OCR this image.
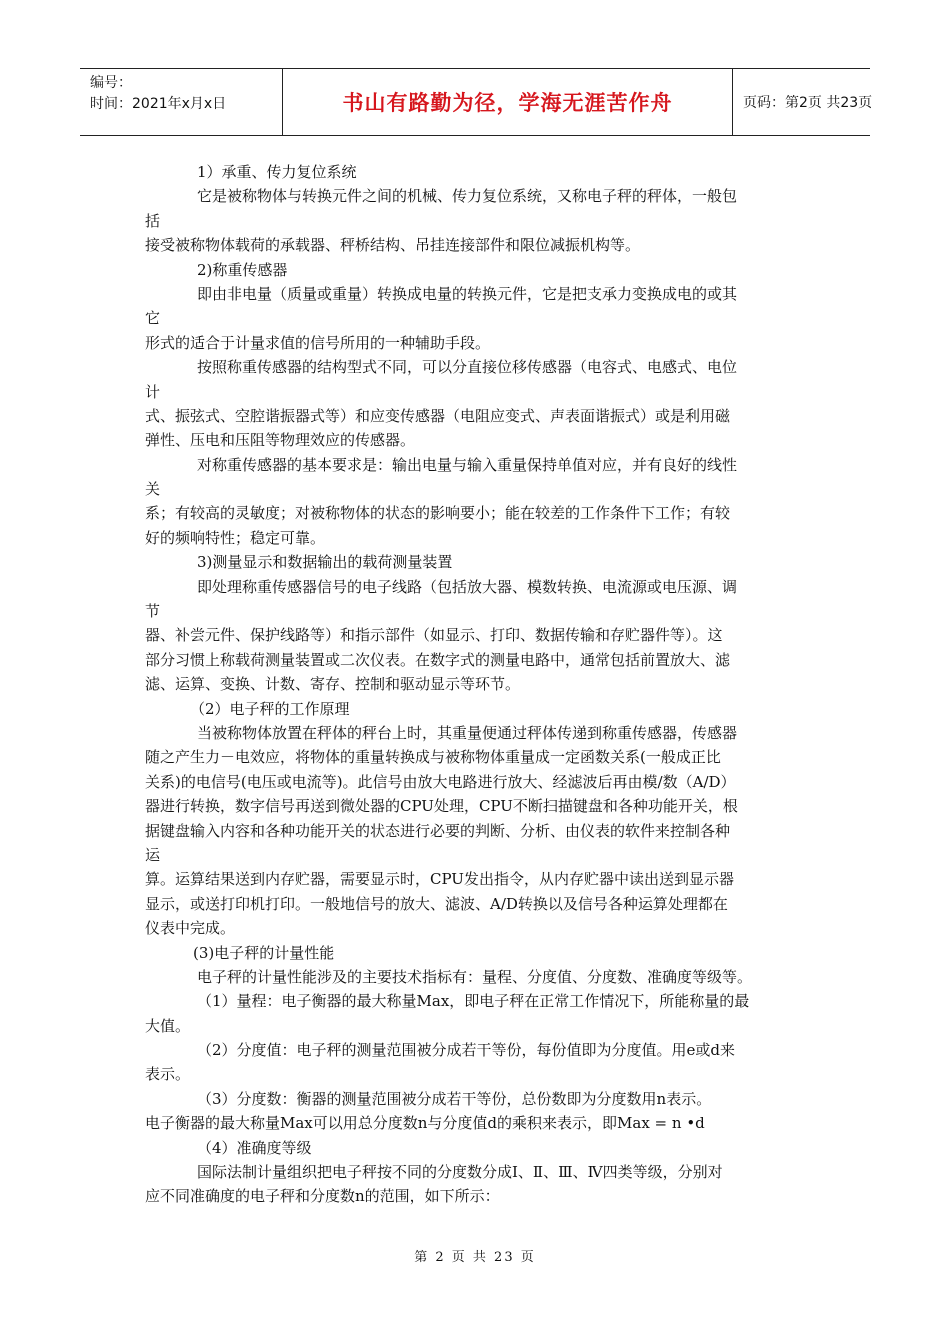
编号：
时间：2021年x月x日	书山有路勤为径，学海无涯苦作舟	页码：第2页 共23页
1）承重、传力复位系统
它是被称物体与转换元件之间的机械、传力复位系统，又称电子秤的秤体，一般包
括
接受被称物体载荷的承载器、秤桥结构、吊挂连接部件和限位减振机构等。
2)称重传感器
即由非电量（质量或重量）转换成电量的转换元件，它是把支承力变换成电的或其
它
形式的适合于计量求值的信号所用的一种辅助手段。
按照称重传感器的结构型式不同，可以分直接位移传感器（电容式、电感式、电位
计
式、振弦式、空腔谐振器式等）和应变传感器（电阻应变式、声表面谐振式）或是利用磁
弹性、压电和压阻等物理效应的传感器。
对称重传感器的基本要求是：输出电量与输入重量保持单值对应，并有良好的线性
关
系；有较高的灵敏度；对被称物体的状态的影响要小；能在较差的工作条件下工作；有较
好的频响特性；稳定可靠。
3)测量显示和数据输出的载荷测量装置
即处理称重传感器信号的电子线路（包括放大器、模数转换、电流源或电压源、调
节
器、补尝元件、保护线路等）和指示部件（如显示、打印、数据传输和存贮器件等）。这
部分习惯上称载荷测量装置或二次仪表。在数字式的测量电路中，通常包括前置放大、滤
滤、运算、变换、计数、寄存、控制和驱动显示等环节。
（2）电子秤的工作原理
当被称物体放置在秤体的秤台上时，其重量便通过秤体传递到称重传感器，传感器
随之产生力－电效应，将物体的重量转换成与被称物体重量成一定函数关系(一般成正比
关系)的电信号(电压或电流等)。此信号由放大电路进行放大、经滤波后再由模/数（A/D）
器进行转换，数字信号再送到微处器的CPU处理，CPU不断扫描键盘和各种功能开关，根
据键盘输入内容和各种功能开关的状态进行必要的判断、分析、由仪表的软件来控制各种
运
算。运算结果送到内存贮器，需要显示时，CPU发出指令，从内存贮器中读出送到显示器
显示，或送打印机打印。一般地信号的放大、滤波、A/D转换以及信号各种运算处理都在
仪表中完成。
(3)电子秤的计量性能
电子秤的计量性能涉及的主要技术指标有：量程、分度值、分度数、准确度等级等。
（1）量程：电子衡器的最大称量Max，即电子秤在正常工作情况下，所能称量的最
大值。
（2）分度值：电子秤的测量范围被分成若干等份，每份值即为分度值。用e或d来
表示。
（3）分度数：衡器的测量范围被分成若干等份，总份数即为分度数用n表示。
电子衡器的最大称量Max可以用总分度数n与分度值d的乘积来表示，即Max = n •d
（4）准确度等级
国际法制计量组织把电子秤按不同的分度数分成Ⅰ、Ⅱ、Ⅲ、Ⅳ四类等级，分别对
应不同准确度的电子秤和分度数n的范围，如下所示：
第 2 页 共 23 页
